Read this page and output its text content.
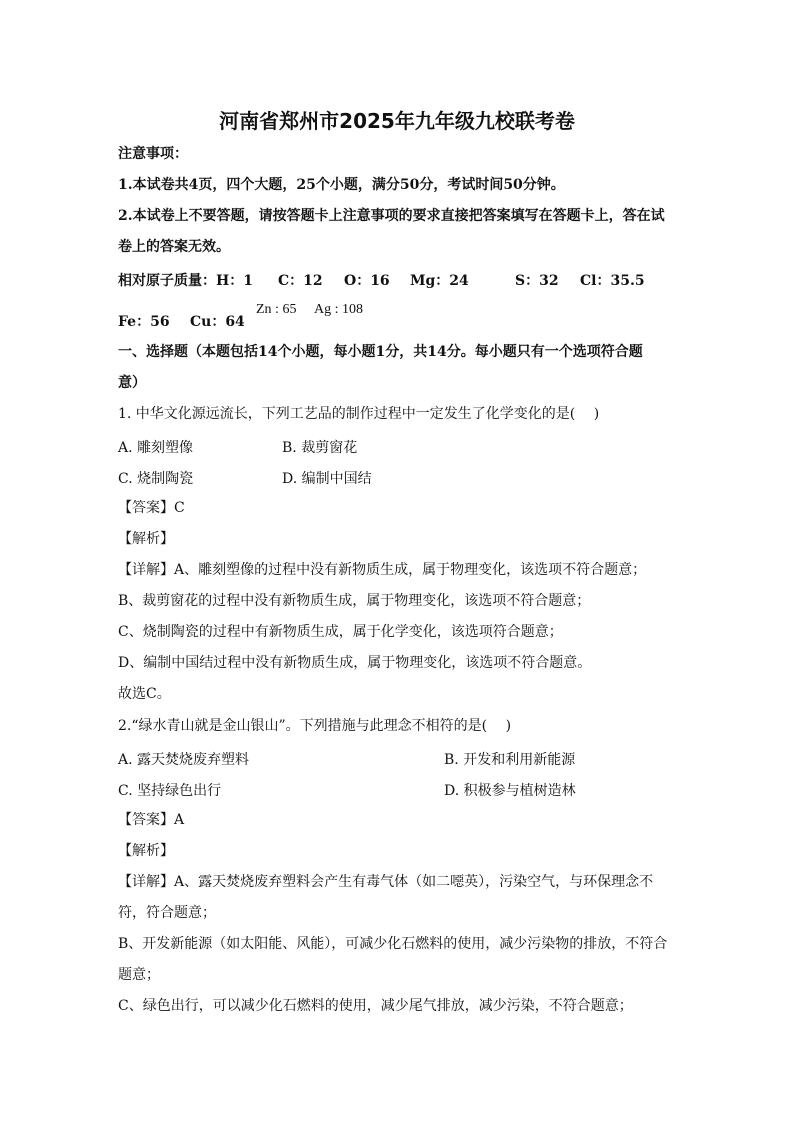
河南省郑州市2025年九年级九校联考卷
注意事项：
1.本试卷共4页，四个大题，25个小题，满分50分，考试时间50分钟。
2.本试卷上不要答题，请按答题卡上注意事项的要求直接把答案填写在答题卡上，答在试
卷上的答案无效。
相对原子质量：H：1 C：12 O：16 Mg：24	S：32 Cl：35.5
Fe：56 Cu：64
Zn : 65 Ag : 108
一、选择题（本题包括14个小题，每小题1分，共14分。每小题只有一个选项符合题
意）
1. 中华文化源远流长，下列工艺品的制作过程中一定发生了化学变化的是(　 )
A. 雕刻塑像	B. 裁剪窗花
C. 烧制陶瓷	D. 编制中国结
【答案】C
【解析】
【详解】A、雕刻塑像的过程中没有新物质生成，属于物理变化，该选项不符合题意；
B、裁剪窗花的过程中没有新物质生成，属于物理变化，该选项不符合题意；
C、烧制陶瓷的过程中有新物质生成，属于化学变化，该选项符合题意；
D、编制中国结过程中没有新物质生成，属于物理变化，该选项不符合题意。
故选C。
2.“绿水青山就是金山银山”。下列措施与此理念不相符的是(　 )
A. 露天焚烧废弃塑料	B. 开发和利用新能源
C. 坚持绿色出行	D. 积极参与植树造林
【答案】A
【解析】
【详解】A、露天焚烧废弃塑料会产生有毒气体（如二噁英），污染空气，与环保理念不
符，符合题意；
B、开发新能源（如太阳能、风能），可减少化石燃料的使用，减少污染物的排放，不符合
题意；
C、绿色出行，可以减少化石燃料的使用，减少尾气排放，减少污染，不符合题意；
